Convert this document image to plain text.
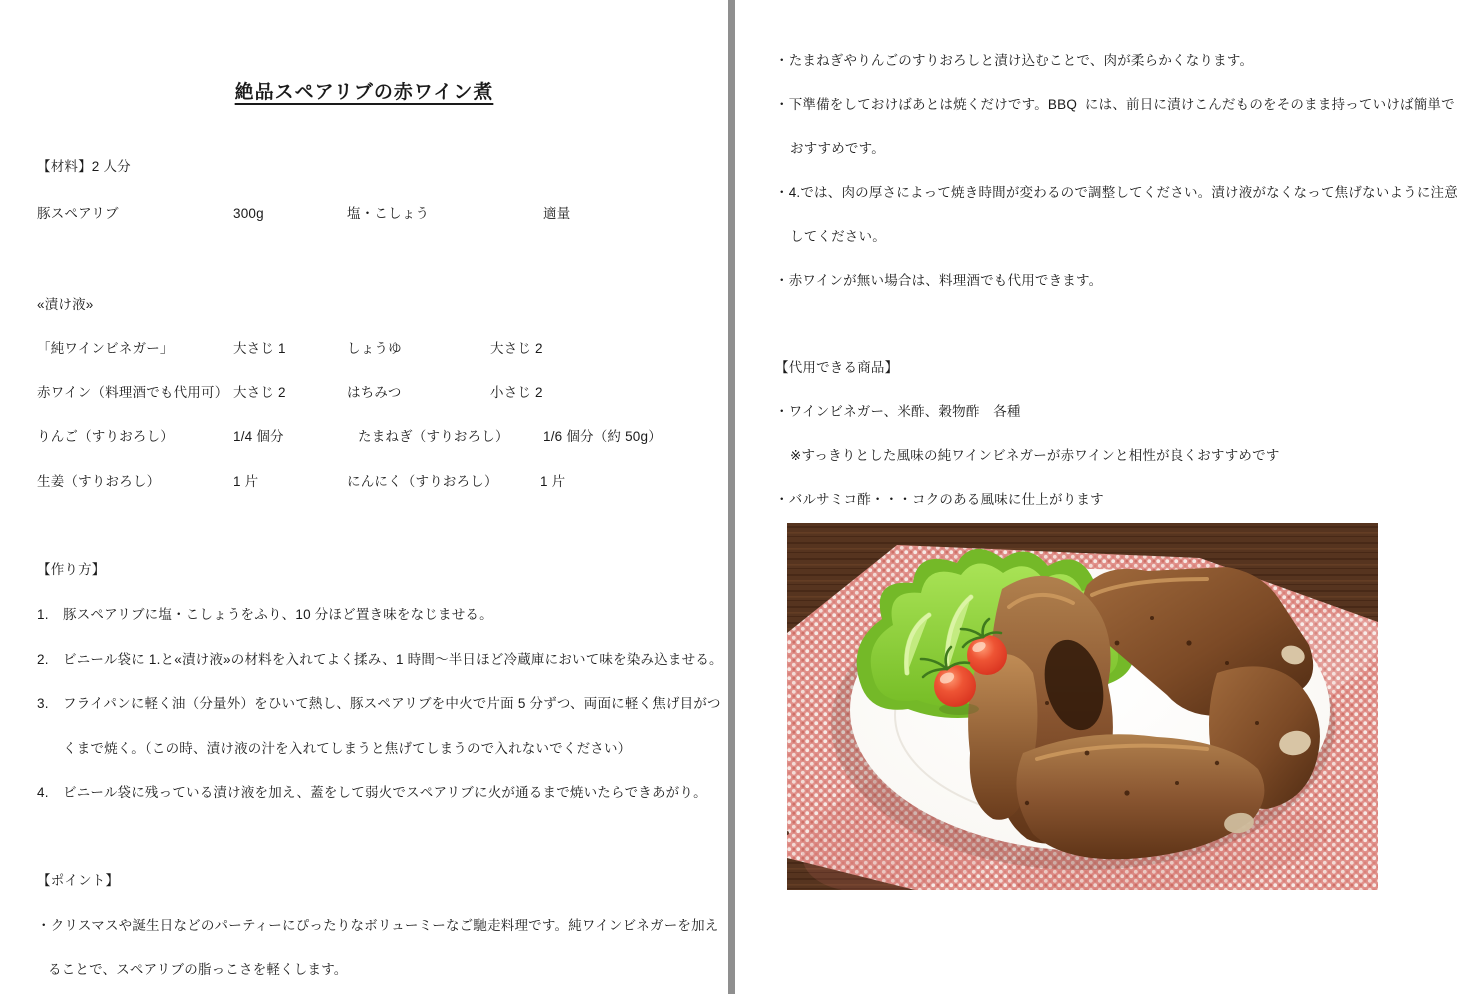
絶品スペアリブの赤ワイン煮
【材料】2 人分
豚スペアリブ	300g	塩・こしょう	適量
«漬け液»
「純ワインビネガー」	大さじ 1	しょうゆ	大さじ 2
赤ワイン（料理酒でも代用可） 大さじ 2	はちみつ	小さじ 2
りんご（すりおろし）	1/4 個分	たまねぎ（すりおろし）	1/6 個分（約 50g）
生姜（すりおろし）	1 片	にんにく（すりおろし）	1 片
【作り方】
1. 豚スペアリブに塩・こしょうをふり、10 分ほど置き味をなじませる。
2. ビニール袋に 1.と«漬け液»の材料を入れてよく揉み、1 時間～半日ほど冷蔵庫において味を染み込ませる。
3. フライパンに軽く油（分量外）をひいて熱し、豚スペアリブを中火で片面 5 分ずつ、両面に軽く焦げ目がつ
くまで焼く。（この時、漬け液の汁を入れてしまうと焦げてしまうので入れないでください）
4. ビニール袋に残っている漬け液を加え、蓋をして弱火でスペアリブに火が通るまで焼いたらできあがり。
【ポイント】
・クリスマスや誕生日などのパーティーにぴったりなボリューミーなご馳走料理です。純ワインビネガーを加え
ることで、スペアリブの脂っこさを軽くします。
・たまねぎやりんごのすりおろしと漬け込むことで、肉が柔らかくなります。
・下準備をしておけばあとは焼くだけです。BBQ  には、前日に漬けこんだものをそのまま持っていけば簡単で
おすすめです。
・4.では、肉の厚さによって焼き時間が変わるので調整してください。漬け液がなくなって焦げないように注意
してください。
・赤ワインが無い場合は、料理酒でも代用できます。
【代用できる商品】
・ワインビネガー、米酢、穀物酢　各種
※すっきりとした風味の純ワインビネガーが赤ワインと相性が良くおすすめです
・バルサミコ酢・・・コクのある風味に仕上がります
